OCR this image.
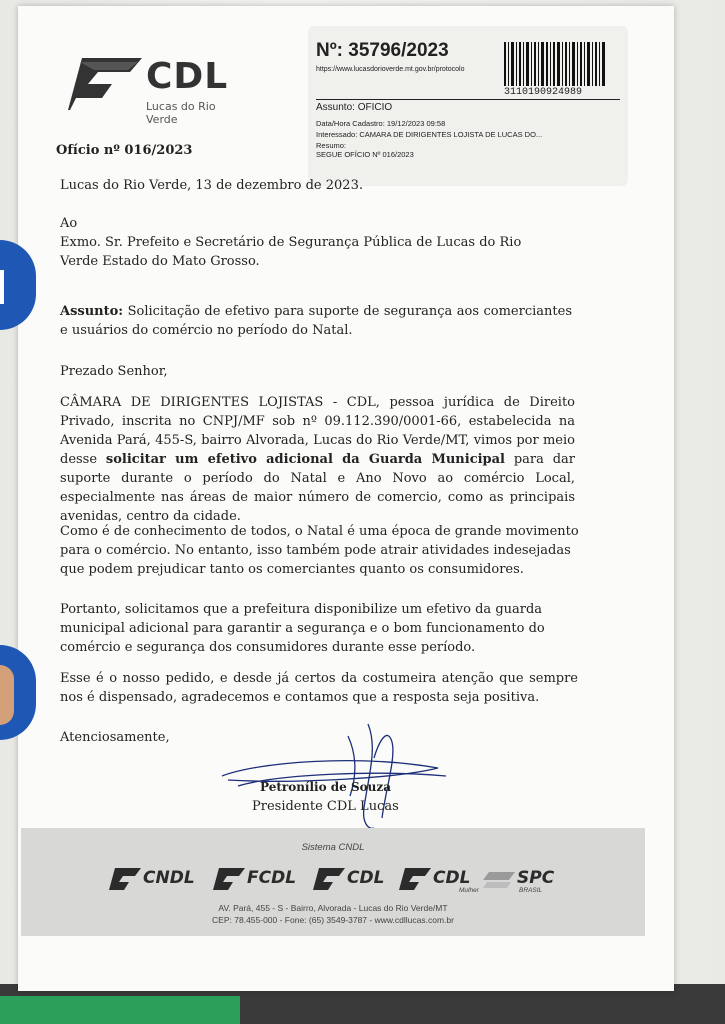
CDL
Lucas do Rio Verde
Nº: 35796/2023
https://www.lucasdorioverde.mt.gov.br/protocolo
3110190924989
Assunto: OFICIO
Data/Hora Cadastro: 19/12/2023 09:58
Interessado: CAMARA DE DIRIGENTES LOJISTA DE LUCAS DO...
Resumo:
SEGUE OFÍCIO Nº 016/2023
Ofício nº 016/2023
Lucas do Rio Verde, 13 de dezembro de 2023.
Ao
Exmo. Sr. Prefeito e Secretário de Segurança Pública de Lucas do Rio Verde Estado do Mato Grosso.
Assunto: Solicitação de efetivo para suporte de segurança aos comerciantes e usuários do comércio no período do Natal.
Prezado Senhor,
CÂMARA DE DIRIGENTES LOJISTAS - CDL, pessoa jurídica de Direito Privado, inscrita no CNPJ/MF sob nº 09.112.390/0001-66, estabelecida na Avenida Pará, 455-S, bairro Alvorada, Lucas do Rio Verde/MT, vimos por meio desse solicitar um efetivo adicional da Guarda Municipal para dar suporte durante o período do Natal e Ano Novo ao comércio Local, especialmente nas áreas de maior número de comercio, como as principais avenidas, centro da cidade.
Como é de conhecimento de todos, o Natal é uma época de grande movimento para o comércio. No entanto, isso também pode atrair atividades indesejadas que podem prejudicar tanto os comerciantes quanto os consumidores.
Portanto, solicitamos que a prefeitura disponibilize um efetivo da guarda municipal adicional para garantir a segurança e o bom funcionamento do comércio e segurança dos consumidores durante esse período.
Esse é o nosso pedido, e desde já certos da costumeira atenção que sempre nos é dispensado, agradecemos e contamos que a resposta seja positiva.
Atenciosamente,
Petronílio de Souza
Presidente CDL Lucas
Sistema CNDL
CNDL	FCDL	CDL	CDL
Mulher
SPC
BRASIL
AV. Pará, 455 - S - Bairro, Alvorada - Lucas do Rio Verde/MT
CEP: 78.455-000 - Fone: (65) 3549-3787 - www.cdllucas.com.br
